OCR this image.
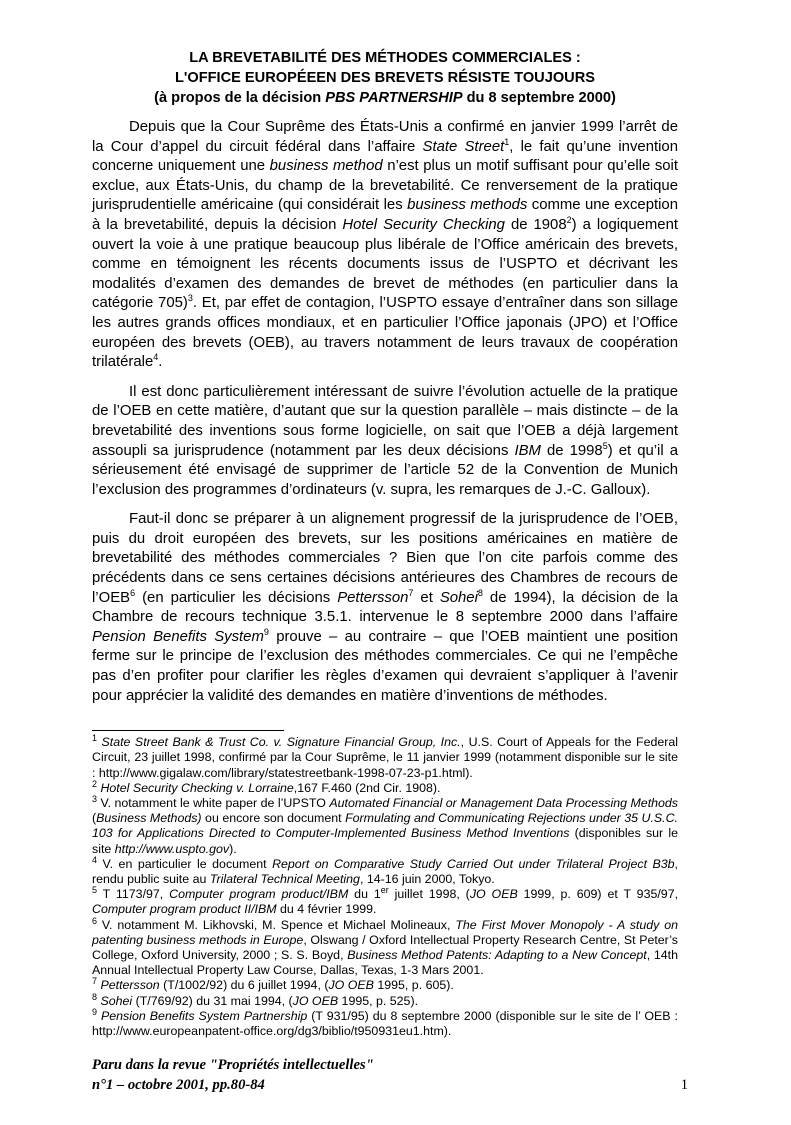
LA BREVETABILITÉ DES MÉTHODES COMMERCIALES :
L'OFFICE EUROPÉEEN DES BREVETS RÉSISTE TOUJOURS
(à propos de la décision PBS PARTNERSHIP du 8 septembre 2000)

Depuis que la Cour Suprême des États-Unis a confirmé en janvier 1999 l’arrêt de la Cour d’appel du circuit fédéral dans l’affaire State Street$^1$, le fait qu’une invention concerne uniquement une business method n’est plus un motif suffisant pour qu’elle soit exclue, aux États-Unis, du champ de la brevetabilité. Ce renversement de la pratique jurisprudentielle américaine (qui considérait les business methods comme une exception à la brevetabilité, depuis la décision Hotel Security Checking de 1908$^2$) a logiquement ouvert la voie à une pratique beaucoup plus libérale de l’Office américain des brevets, comme en témoignent les récents documents issus de l’USPTO et décrivant les modalités d’examen des demandes de brevet de méthodes (en particulier dans la catégorie 705)$^3$. Et, par effet de contagion, l’USPTO essaye d’entraîner dans son sillage les autres grands offices mondiaux, et en particulier l’Office japonais (JPO) et l’Office européen des brevets (OEB), au travers notamment de leurs travaux de coopération trilatérale$^4$.

Il est donc particulièrement intéressant de suivre l’évolution actuelle de la pratique de l’OEB en cette matière, d’autant que sur la question parallèle – mais distincte – de la brevetabilité des inventions sous forme logicielle, on sait que l’OEB a déjà largement assoupli sa jurisprudence (notamment par les deux décisions IBM de 1998$^5$) et qu’il a sérieusement été envisagé de supprimer de l’article 52 de la Convention de Munich l’exclusion des programmes d’ordinateurs (v. supra, les remarques de J.-C. Galloux).

Faut-il donc se préparer à un alignement progressif de la jurisprudence de l’OEB, puis du droit européen des brevets, sur les positions américaines en matière de brevetabilité des méthodes commerciales ? Bien que l’on cite parfois comme des précédents dans ce sens certaines décisions antérieures des Chambres de recours de l’OEB$^6$ (en particulier les décisions Pettersson$^7$ et Sohei$^8$ de 1994), la décision de la Chambre de recours technique 3.5.1. intervenue le 8 septembre 2000 dans l’affaire Pension Benefits System$^9$ prouve – au contraire – que l’OEB maintient une position ferme sur le principe de l’exclusion des méthodes commerciales. Ce qui ne l’empêche pas d’en profiter pour clarifier les règles d’examen qui devraient s’appliquer à l’avenir pour apprécier la validité des demandes en matière d’inventions de méthodes.

$^1$ State Street Bank & Trust Co. v. Signature Financial Group, Inc., U.S. Court of Appeals for the Federal Circuit, 23 juillet 1998, confirmé par la Cour Suprême, le 11 janvier 1999 (notamment disponible sur le site : http://www.gigalaw.com/library/statestreetbank-1998-07-23-p1.html).

$^2$ Hotel Security Checking v. Lorraine,167 F.460 (2nd Cir. 1908).

$^3$ V. notamment le white paper de l’UPSTO Automated Financial or Management Data Processing Methods (Business Methods) ou encore son document Formulating and Communicating Rejections under 35 U.S.C. 103 for Applications Directed to Computer-Implemented Business Method Inventions (disponibles sur le site http://www.uspto.gov).

$^4$ V. en particulier le document Report on Comparative Study Carried Out under Trilateral Project B3b, rendu public suite au Trilateral Technical Meeting, 14-16 juin 2000, Tokyo.

$^5$ T 1173/97, Computer program product/IBM du 1er juillet 1998, (JO OEB 1999, p. 609) et T 935/97, Computer program product II/IBM du 4 février 1999.

$^6$ V. notamment M. Likhovski, M. Spence et Michael Molineaux, The First Mover Monopoly - A study on patenting business methods in Europe, Olswang / Oxford Intellectual Property Research Centre, St Peter’s College, Oxford University, 2000 ; S. S. Boyd, Business Method Patents: Adapting to a New Concept, 14th Annual Intellectual Property Law Course, Dallas, Texas, 1-3 Mars 2001.

$^7$ Pettersson (T/1002/92) du 6 juillet 1994, (JO OEB 1995, p. 605).

$^8$ Sohei (T/769/92) du 31 mai 1994, (JO OEB 1995, p. 525).

$^9$ Pension Benefits System Partnership (T 931/95) du 8 septembre 2000 (disponible sur le site de l’ OEB : http://www.europeanpatent-office.org/dg3/biblio/t950931eu1.htm).

Paru dans la revue "Propriétés intellectuelles"
n°1 – octobre 2001, pp.80-84	1
